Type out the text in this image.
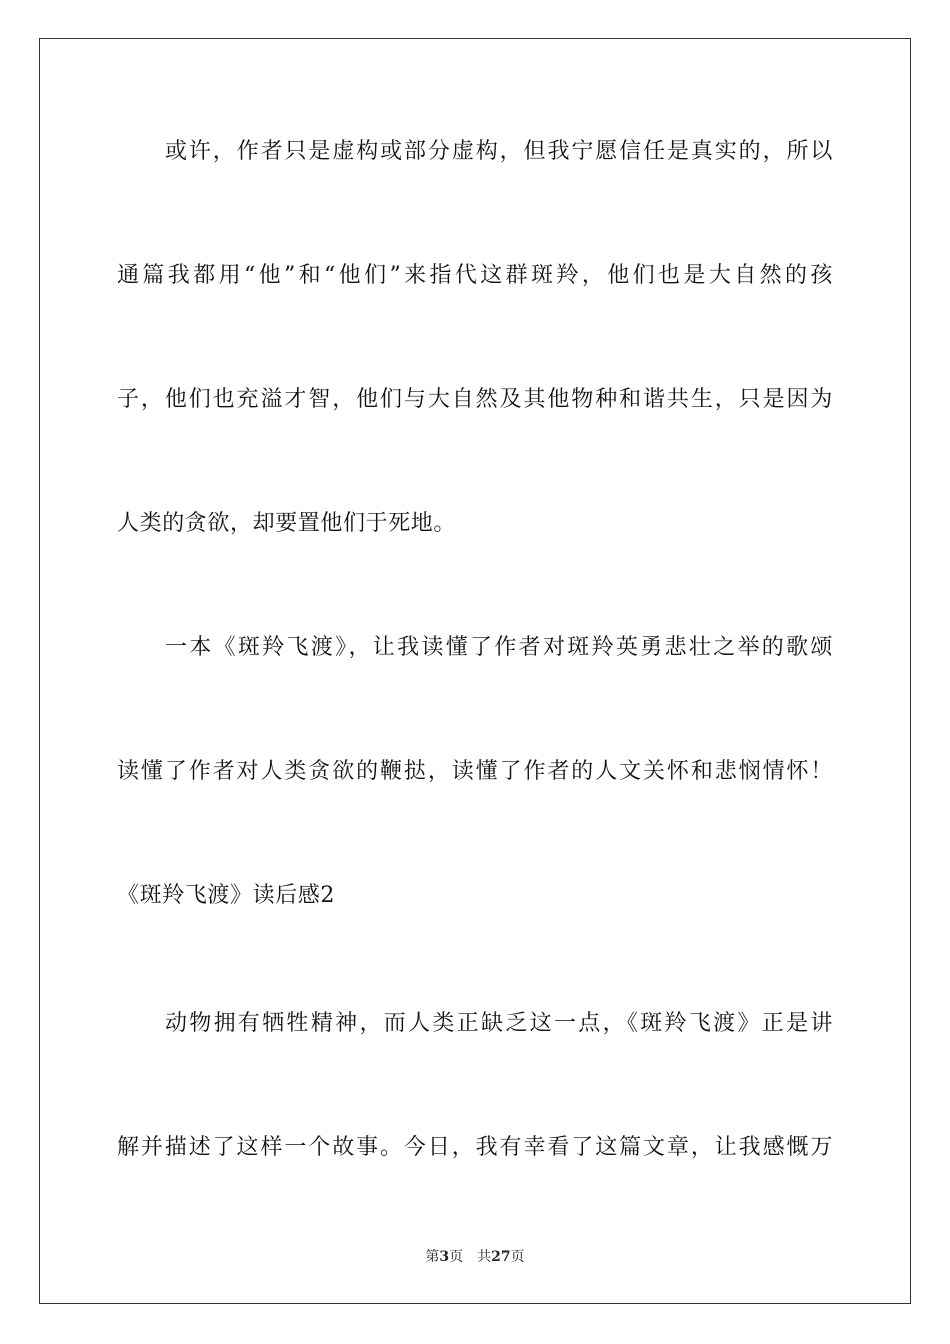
或许，作者只是虚构或部分虚构，但我宁愿信任是真实的，所以
通篇我都用“他”和“他们”来指代这群斑羚，他们也是大自然的孩
子，他们也充溢才智，他们与大自然及其他物种和谐共生，只是因为
人类的贪欲，却要置他们于死地。
一本《斑羚飞渡》，让我读懂了作者对斑羚英勇悲壮之举的歌颂
读懂了作者对人类贪欲的鞭挞，读懂了作者的人文关怀和悲悯情怀！
《斑羚飞渡》读后感2
动物拥有牺牲精神，而人类正缺乏这一点，《斑羚飞渡》正是讲
解并描述了这样一个故事。今日，我有幸看了这篇文章，让我感慨万
第3页 共27页
